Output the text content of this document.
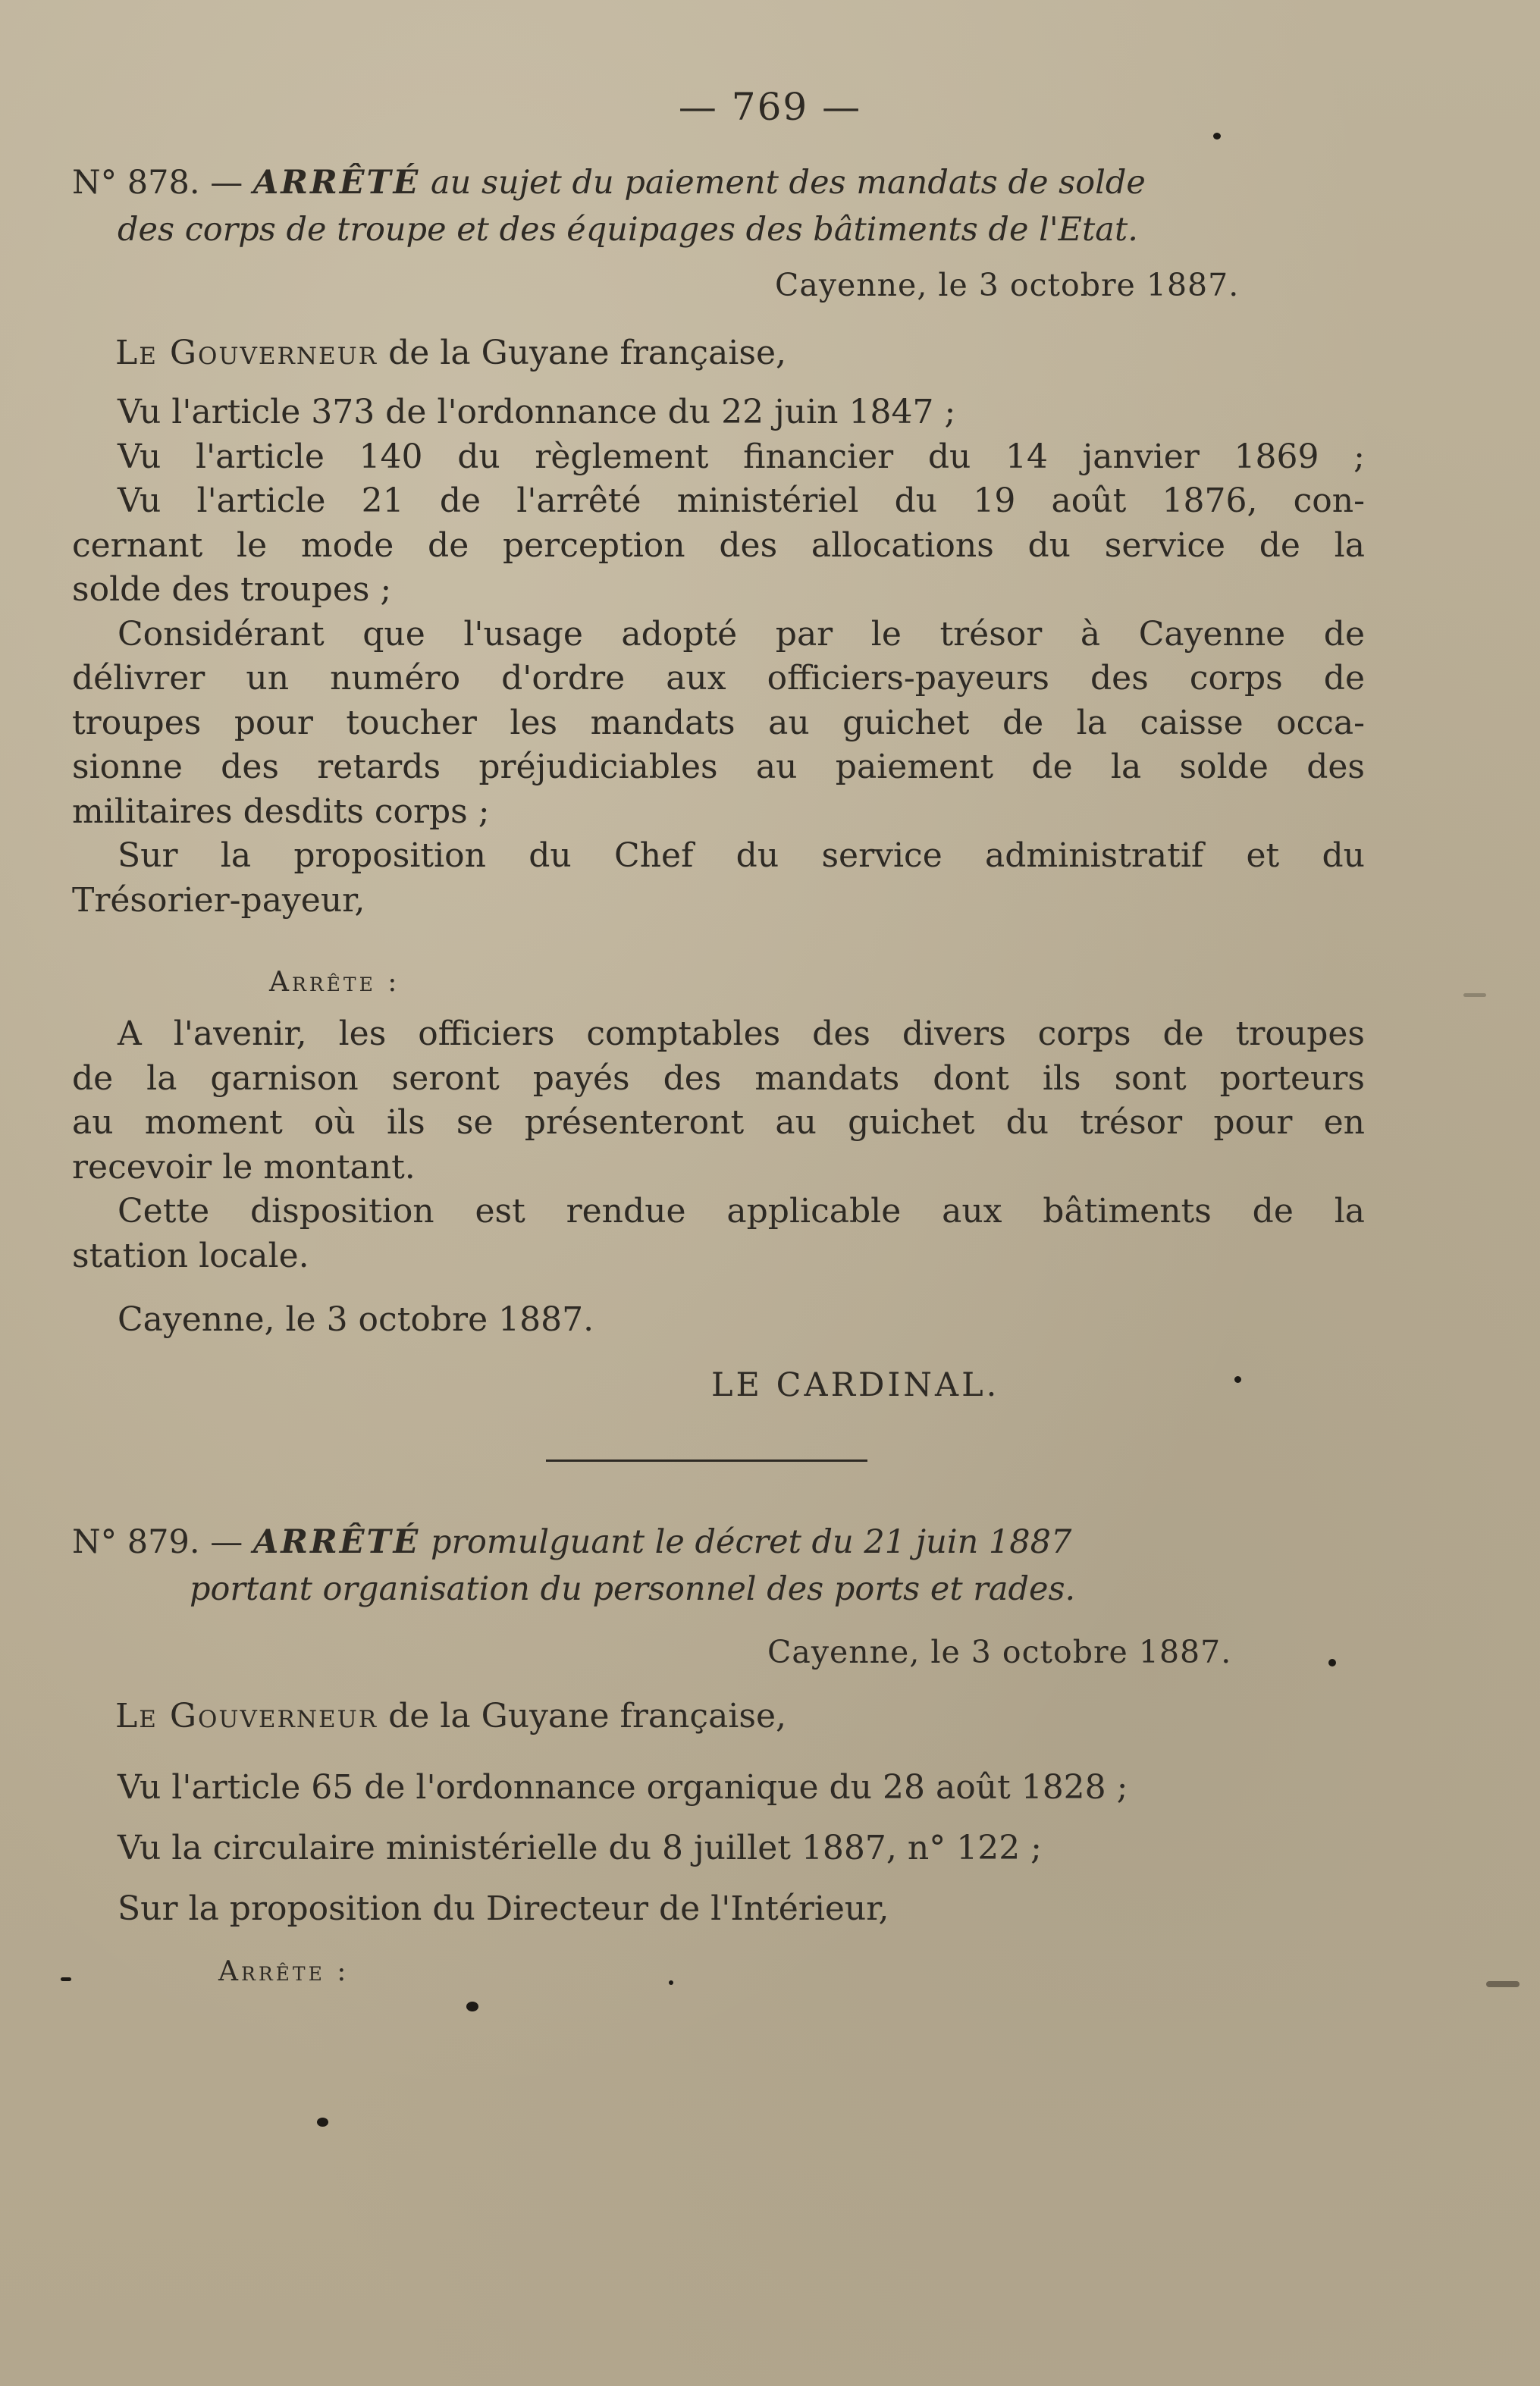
— 769 —
N° 878. — ARRÊTÉ au sujet du paiement des mandats de solde
des corps de troupe et des équipages des bâtiments de l'Etat.
Cayenne, le 3 octobre 1887.
Le Gouverneur de la Guyane française,
Vu l'article 373 de l'ordonnance du 22 juin 1847 ;
Vu l'article 140 du règlement financier du 14 janvier 1869 ;
Vu l'article 21 de l'arrêté ministériel du 19 août 1876, con-
cernant le mode de perception des allocations du service de la
solde des troupes ;
Considérant que l'usage adopté par le trésor à Cayenne de
délivrer un numéro d'ordre aux officiers-payeurs des corps de
troupes pour toucher les mandats au guichet de la caisse occa-
sionne des retards préjudiciables au paiement de la solde des
militaires desdits corps ;
Sur la proposition du Chef du service administratif et du
Trésorier-payeur,
Arrête :
A l'avenir, les officiers comptables des divers corps de troupes
de la garnison seront payés des mandats dont ils sont porteurs
au moment où ils se présenteront au guichet du trésor pour en
recevoir le montant.
Cette disposition est rendue applicable aux bâtiments de la
station locale.
Cayenne, le 3 octobre 1887.
LE CARDINAL.
N° 879. — ARRÊTÉ promulguant le décret du 21 juin 1887
portant organisation du personnel des ports et rades.
Cayenne, le 3 octobre 1887.
Le Gouverneur de la Guyane française,
Vu l'article 65 de l'ordonnance organique du 28 août 1828 ;
Vu la circulaire ministérielle du 8 juillet 1887, n° 122 ;
Sur la proposition du Directeur de l'Intérieur,
Arrête :
